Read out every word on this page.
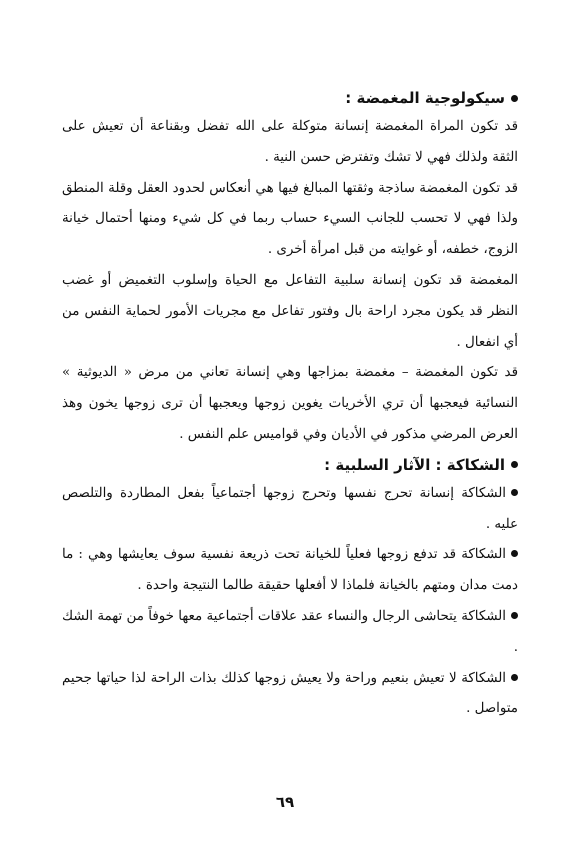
سيكولوجية المغمضة :

قد تكون المراة المغمضة إنسانة متوكلة على الله تفضل وبقناعة أن تعيش على الثقة ولذلك فهي لا تشك وتفترض حسن النية .

قد تكون المغمضة ساذجة وثقتها المبالغ فيها هي أنعكاس لحدود العقل وقلة المنطق ولذا فهي لا تحسب للجانب السيء حساب ربما في كل شيء ومنها أحتمال خيانة الزوج، خطفه، أو غوايته من قبل امرأة أخرى .

المغمضة قد تكون إنسانة سلبية التفاعل مع الحياة وإسلوب التغميض أو غضب النظر قد يكون مجرد اراحة بال وفتور تفاعل مع مجريات الأمور لحماية النفس من أي انفعال .

قد تكون المغمضة – مغمضة بمزاجها وهي إنسانة تعاني من مرض « الديوثية » النسائية فيعجبها أن تري الأخريات يغوين زوجها ويعجبها أن ترى زوجها يخون وهذ العرض المرضي مذكور في الأديان وفي قواميس علم النفس .

الشكاكة : الآثار السلبية :

الشكاكة إنسانة تحرج نفسها وتحرج زوجها أجتماعياً بفعل المطاردة والتلصص عليه .

الشكاكة قد تدفع زوجها فعلياً للخيانة تحت ذريعة نفسية سوف يعايشها وهي : ما دمت مدان ومتهم بالخيانة فلماذا لا أفعلها حقيقة طالما النتيجة واحدة .

الشكاكة يتحاشى الرجال والنساء عقد علاقات أجتماعية معها خوفاً من تهمة الشك .

الشكاكة لا تعيش بنعيم وراحة ولا يعيش زوجها كذلك بذات الراحة لذا حياتها جحيم متواصل .

٦٩
